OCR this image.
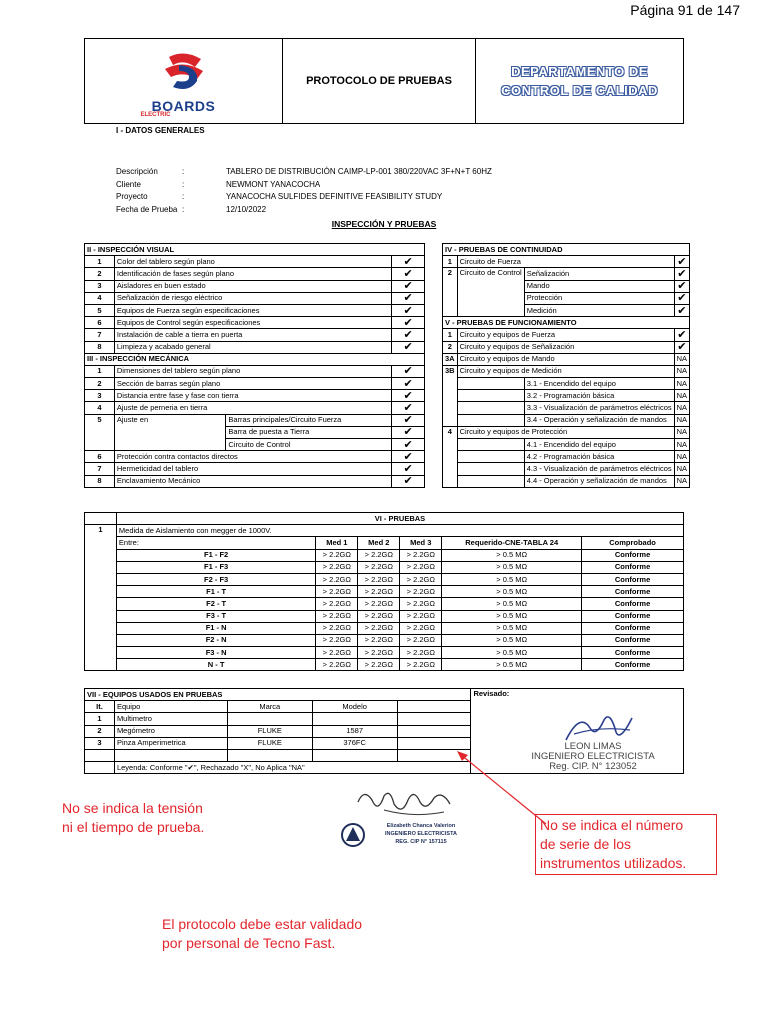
Página 91 de 147
BOARDS
ELECTRIC
	PROTOCOLO DE PRUEBAS	
DEPARTAMENTO DE
CONTROL DE CALIDAD
I - DATOS GENERALES
Descripción	:	TABLERO DE DISTRIBUCIÓN CAIMP-LP-001 380/220VAC 3F+N+T 60HZ
Cliente	:	NEWMONT YANACOCHA
Proyecto	:	YANACOCHA SULFIDES DEFINITIVE FEASIBILITY STUDY
Fecha de Prueba :	12/10/2022
INSPECCIÓN Y PRUEBAS
II - INSPECCIÓN VISUAL			
1	Color del tablero según plano		✔
2	Identificación de fases según plano		✔
3	Aisladores en buen estado		✔
4	Señalización de riesgo eléctrico		✔
5	Equipos de Fuerza según especificaciones		✔
6	Equipos de Control según especificaciones		✔
7	Instalación de cable a tierra en puerta		✔
8	Limpieza y acabado general		✔
III - INSPECCIÓN MECÁNICA			
1	Dimensiones del tablero según plano		✔
2	Sección de barras según plano		✔
3	Distancia entre fase y fase con tierra		✔
4	Ajuste de perneria en tierra		✔
5	Ajuste en	Barras principales/Circuito Fuerza	✔
		Barra de puesta a Tierra	✔
		Circuito de Control	✔
6	Protección contra contactos directos		✔
7	Hermeticidad del tablero		✔
8	Enclavamiento Mecánico		✔
IV - PRUEBAS DE CONTINUIDAD			
1	Circuito de Fuerza		✔
2	Circuito de Control	Señalización	✔
		Mando	✔
		Protección	✔
		Medición	✔
V - PRUEBAS DE FUNCIONAMIENTO			
1	Circuito y equipos de Fuerza		✔
2	Circuito y equipos de Señalización		✔
3A	Circuito y equipos de Mando		NA
3B	Circuito y equipos de Medición		NA
		3.1 - Encendido del equipo	NA
		3.2 - Programación básica	NA
		3.3 - Visualización de parámetros eléctricos	NA
		3.4 - Operación y señalización de mandos	NA
4	Circuito y equipos de Protección		NA
		4.1 - Encendido del equipo	NA
		4.2 - Programación básica	NA
		4.3 - Visualización de parámetros eléctricos	NA
		4.4 - Operación y señalización de mandos	NA
	VI - PRUEBAS					
1	Medida de Aislamiento con megger de 1000V.					
	Entre:	Med 1	Med 2	Med 3	Requerido-CNE-TABLA 24	Comprobado
	F1 - F2	> 2.2GΩ	> 2.2GΩ	> 2.2GΩ	> 0.5 MΩ	Conforme
	F1 - F3	> 2.2GΩ	> 2.2GΩ	> 2.2GΩ	> 0.5 MΩ	Conforme
	F2 - F3	> 2.2GΩ	> 2.2GΩ	> 2.2GΩ	> 0.5 MΩ	Conforme
	F1 - T	> 2.2GΩ	> 2.2GΩ	> 2.2GΩ	> 0.5 MΩ	Conforme
	F2 - T	> 2.2GΩ	> 2.2GΩ	> 2.2GΩ	> 0.5 MΩ	Conforme
	F3 - T	> 2.2GΩ	> 2.2GΩ	> 2.2GΩ	> 0.5 MΩ	Conforme
	F1 - N	> 2.2GΩ	> 2.2GΩ	> 2.2GΩ	> 0.5 MΩ	Conforme
	F2 - N	> 2.2GΩ	> 2.2GΩ	> 2.2GΩ	> 0.5 MΩ	Conforme
	F3 - N	> 2.2GΩ	> 2.2GΩ	> 2.2GΩ	> 0.5 MΩ	Conforme
	N - T	> 2.2GΩ	> 2.2GΩ	> 2.2GΩ	> 0.5 MΩ	Conforme
VII - EQUIPOS USADOS EN PRUEBAS					Revisado:
It.	Equipo	Marca	Modelo		
1	Multimetro				
2	Megómetro	FLUKE	1587		
3	Pinza Amperimetrica	FLUKE	376FC		

	Leyenda: Conforme "✔", Rechazado "X", No Aplica "NA"				
LEON LIMAS
INGENIERO ELECTRICISTA
Reg. CIP. N° 123052
Elizabeth Chanca Valerion
INGENIERO ELECTRICISTA
REG. CIP N° 157115
No se indica la tensión
ni el tiempo de prueba.	No se indica el número
de serie de los
instrumentos utilizados.
El protocolo debe estar validado
por personal de Tecno Fast.
